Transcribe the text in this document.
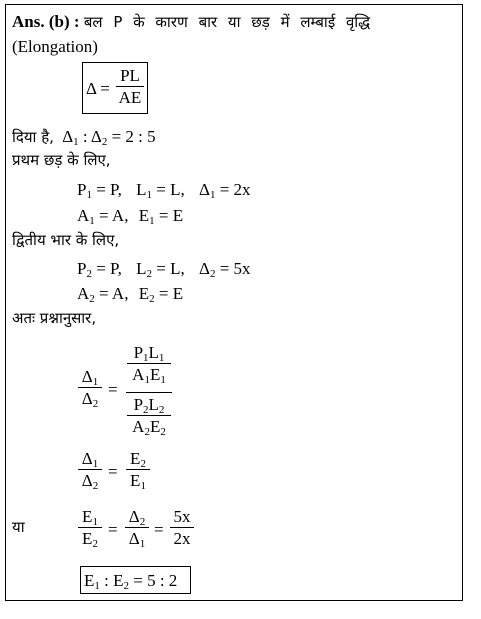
Ans. (b) : बल P के कारण बार या छड़ में लम्बाई वृद्धि
(Elongation)
Δ =
PL
AE
दिया है, $\Delta_1$ : $\Delta_2 = 2$ : 5
प्रथम छड़ के लिए,
$P_1 = P$, $L_1 = L$, $\Delta_1 = 2x$
$A_1 = A$, $E_1 = E$
द्वितीय भार के लिए,
$P_2 = P$, $L_2 = L$, $\Delta_2 = 5x$
$A_2 = A$, $E_2 = E$
अतः प्रश्नानुसार,
$\Delta_1$
$\Delta_2$
=
$P_1L_1$
$A_1E_1$
$P_2L_2$
$A_2E_2$
$\Delta_1$
$\Delta_2$
=
$E_2$
$E_1$
या
$E_1$
$E_2$
=
$\Delta_2$
$\Delta_1$
=
5x
2x
$E_1$ : $E_2 = 5$ : 2
